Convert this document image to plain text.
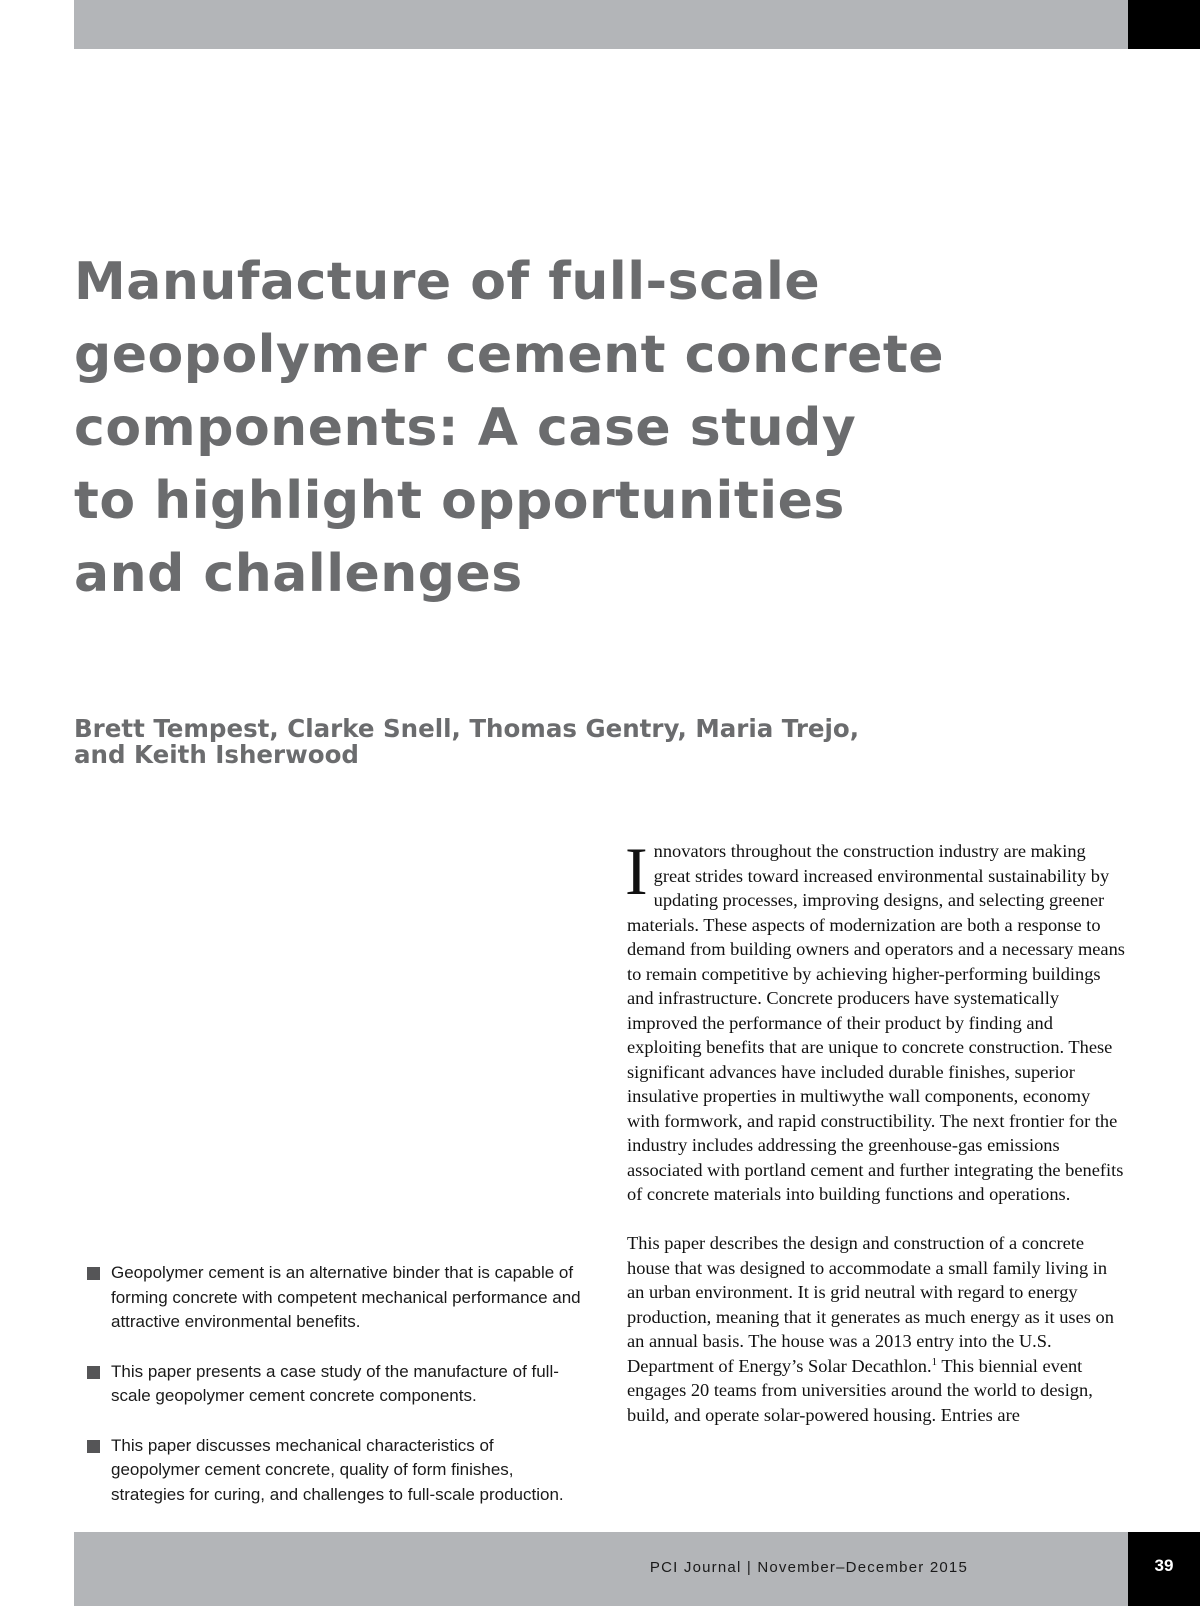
Manufacture of full-scale
geopolymer cement concrete
components: A case study
to highlight opportunities
and challenges

Brett Tempest, Clarke Snell, Thomas Gentry, Maria Trejo,
and Keith Isherwood

Geopolymer cement is an alternative binder that is capable of forming concrete with competent mechanical performance and attractive environmental benefits.
This paper presents a case study of the manufacture of full-scale geopolymer cement concrete components.
This paper discusses mechanical characteristics of geopolymer cement concrete, quality of form finishes, strategies for curing, and challenges to full-scale production.

Innovators throughout the construction industry are making great strides toward increased environmental sustainability by updating processes, improving designs, and selecting greener materials. These aspects of modernization are both a response to demand from building owners and operators and a necessary means to remain competitive by achieving higher-performing buildings and infrastructure. Concrete producers have systematically improved the performance of their product by finding and exploiting benefits that are unique to concrete construction. These significant advances have included durable finishes, superior insulative properties in multiwythe wall components, economy with formwork, and rapid constructibility. The next frontier for the industry includes addressing the greenhouse-gas emissions associated with portland cement and further integrating the benefits of concrete materials into building functions and operations.

This paper describes the design and construction of a concrete house that was designed to accommodate a small family living in an urban environment. It is grid neutral with regard to energy production, meaning that it generates as much energy as it uses on an annual basis. The house was a 2013 entry into the U.S. Department of Energy’s Solar Decathlon.$^1$ This biennial event engages 20 teams from universities around the world to design, build, and operate solar-powered housing. Entries are

PCI Journal | November–December 2015	39
